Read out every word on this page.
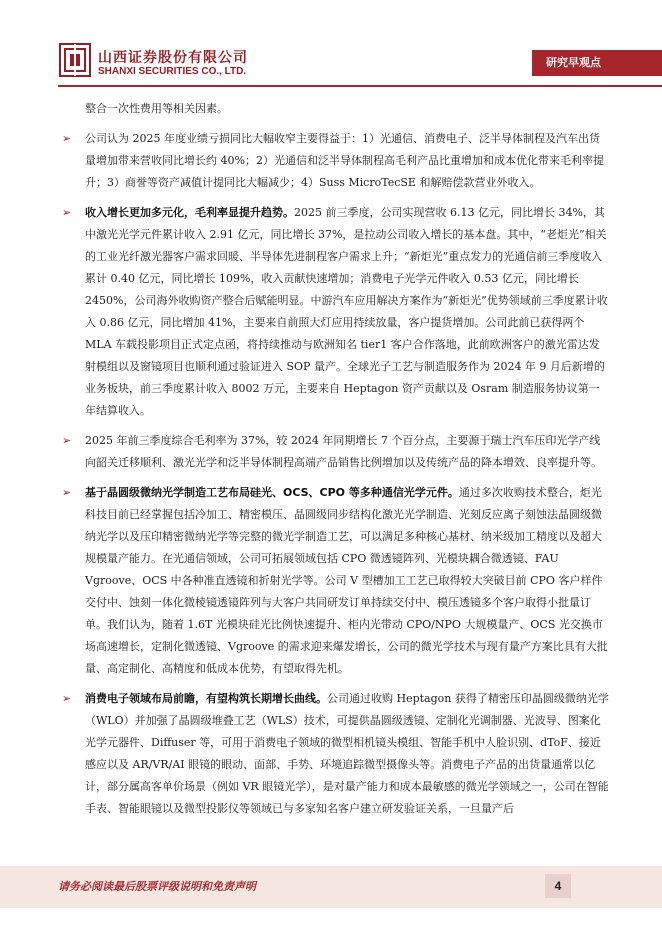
山西证券股份有限公司
SHANXI SECURITIES CO., LTD.
研究早观点

整合一次性费用等相关因素。

➢ 公司认为 2025 年度业绩亏损同比大幅收窄主要得益于：1）光通信、消费电子、泛半导体制程及汽车出货量增加带来营收同比增长约 40%；2）光通信和泛半导体制程高毛利产品比重增加和成本优化带来毛利率提升；3）商誉等资产减值计提同比大幅减少；4）Suss MicroTecSE 和解赔偿款营业外收入。
➢ 收入增长更加多元化，毛利率显提升趋势。2025 前三季度，公司实现营收 6.13 亿元，同比增长 34%，其中激光光学元件累计收入 2.91 亿元，同比增长 37%，是拉动公司收入增长的基本盘。其中，“老炬光”相关的工业光纤激光器客户需求回暖、半导体先进制程客户需求上升；“新炬光”重点发力的光通信前三季度收入累计 0.40 亿元，同比增长 109%，收入贡献快速增加；消费电子光学元件收入 0.53 亿元，同比增长 2450%，公司海外收购资产整合后赋能明显。中游汽车应用解决方案作为“新炬光”优势领域前三季度累计收入 0.86 亿元，同比增加 41%，主要来自前照大灯应用持续放量，客户提货增加。公司此前已获得两个 MLA 车载投影项目正式定点函，将持续推动与欧洲知名 tier1 客户合作落地，此前欧洲客户的激光雷达发射模组以及窗镜项目也顺利通过验证进入 SOP 量产。全球光子工艺与制造服务作为 2024 年 9 月后新增的业务板块，前三季度累计收入 8002 万元，主要来自 Heptagon 资产贡献以及 Osram 制造服务协议第一年结算收入。
➢ 2025 年前三季度综合毛利率为 37%，较 2024 年同期增长 7 个百分点，主要源于瑞士汽车压印光学产线向韶关迁移顺利、激光光学和泛半导体制程高端产品销售比例增加以及传统产品的降本增效、良率提升等。
➢ 基于晶圆级微纳光学制造工艺布局硅光、OCS、CPO 等多种通信光学元件。通过多次收购技术整合，炬光科技目前已经掌握包括冷加工、精密模压、晶圆级同步结构化激光光学制造、光刻反应离子刻蚀法晶圆级微纳光学以及压印精密微纳光学等完整的微光学制造工艺，可以满足多种核心基材、纳米级加工精度以及超大规模量产能力。在光通信领域，公司可拓展领域包括 CPO 微透镜阵列、光模块耦合微透镜、FAU Vgroove、OCS 中各种准直透镜和折射光学等。公司 V 型槽加工工艺已取得较大突破目前 CPO 客户样件交付中、蚀刻一体化微棱镜透镜阵列与大客户共同研发订单持续交付中、模压透镜多个客户取得小批量订单。我们认为，随着 1.6T 光模块硅光比例快速提升、柜内光带动 CPO/NPO 大规模量产、OCS 光交换市场高速增长，定制化微透镜、Vgroove 的需求迎来爆发增长，公司的微光学技术与现有量产方案比具有大批量、高定制化、高精度和低成本优势，有望取得先机。
➢ 消费电子领域布局前瞻，有望构筑长期增长曲线。公司通过收购 Heptagon 获得了精密压印晶圆级微纳光学（WLO）并加强了晶圆级堆叠工艺（WLS）技术，可提供晶圆级透镜、定制化光调制器、光波导、图案化光学元器件、Diffuser 等，可用于消费电子领域的微型相机镜头模组、智能手机中人脸识别、dToF、接近感应以及 AR/VR/AI 眼镜的眼动、面部、手势、环境追踪微型摄像头等。消费电子产品的出货量通常以亿计，部分属高客单价场景（例如 VR 眼镜光学），是对量产能力和成本最敏感的微光学领域之一，公司在智能手表、智能眼镜以及微型投影仪等领域已与多家知名客户建立研发验证关系，一旦量产后
请务必阅读最后股票评级说明和免责声明	4
